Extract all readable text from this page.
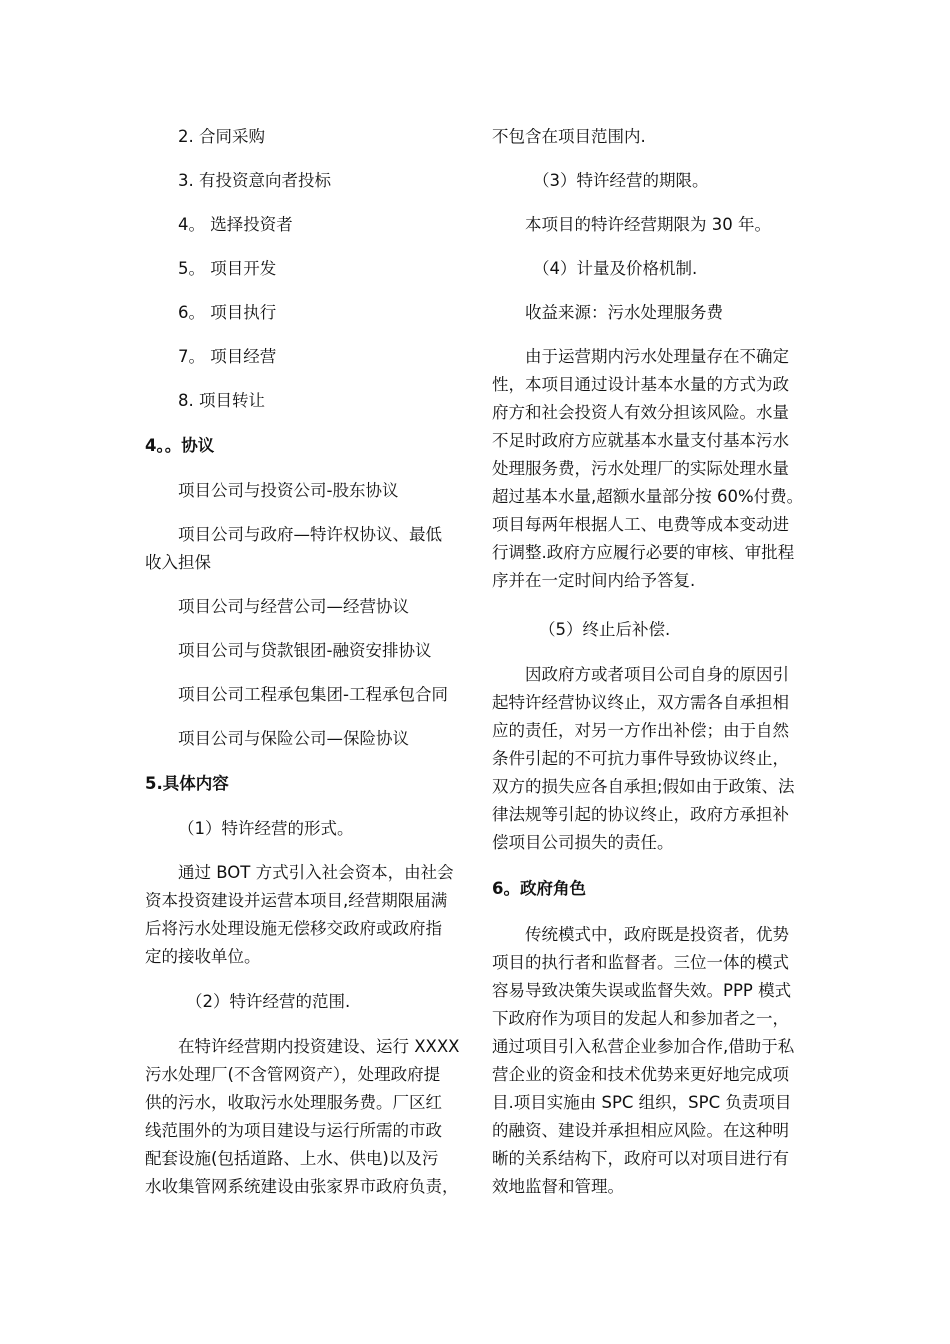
2. 合同采购
3. 有投资意向者投标
4。 选择投资者
5。 项目开发
6。 项目执行
7。 项目经营
8. 项目转让
4。。协议
项目公司与投资公司-股东协议
项目公司与政府—特许权协议、最低
收入担保
项目公司与经营公司—经营协议
项目公司与贷款银团-融资安排协议
项目公司工程承包集团-工程承包合同
项目公司与保险公司—保险协议
5.具体内容
（1）特许经营的形式。
通过 BOT 方式引入社会资本，由社会
资本投资建设并运营本项目,经营期限届满
后将污水处理设施无偿移交政府或政府指
定的接收单位。
（2）特许经营的范围.
在特许经营期内投资建设、运行 XXXX
污水处理厂(不含管网资产），处理政府提
供的污水，收取污水处理服务费。厂区红
线范围外的为项目建设与运行所需的市政
配套设施(包括道路、上水、供电)以及污
水收集管网系统建设由张家界市政府负责，
不包含在项目范围内.
（3）特许经营的期限。
本项目的特许经营期限为 30 年。
（4）计量及价格机制.
收益来源：污水处理服务费
由于运营期内污水处理量存在不确定
性，本项目通过设计基本水量的方式为政
府方和社会投资人有效分担该风险。水量
不足时政府方应就基本水量支付基本污水
处理服务费，污水处理厂的实际处理水量
超过基本水量,超额水量部分按 60%付费。
项目每两年根据人工、电费等成本变动进
行调整.政府方应履行必要的审核、审批程
序并在一定时间内给予答复.
（5）终止后补偿.
因政府方或者项目公司自身的原因引
起特许经营协议终止，双方需各自承担相
应的责任，对另一方作出补偿；由于自然
条件引起的不可抗力事件导致协议终止，
双方的损失应各自承担;假如由于政策、法
律法规等引起的协议终止，政府方承担补
偿项目公司损失的责任。
6。政府角色
传统模式中，政府既是投资者，优势
项目的执行者和监督者。三位一体的模式
容易导致决策失误或监督失效。PPP 模式
下政府作为项目的发起人和参加者之一，
通过项目引入私营企业参加合作,借助于私
营企业的资金和技术优势来更好地完成项
目.项目实施由 SPC 组织，SPC 负责项目
的融资、建设并承担相应风险。在这种明
晰的关系结构下，政府可以对项目进行有
效地监督和管理。
